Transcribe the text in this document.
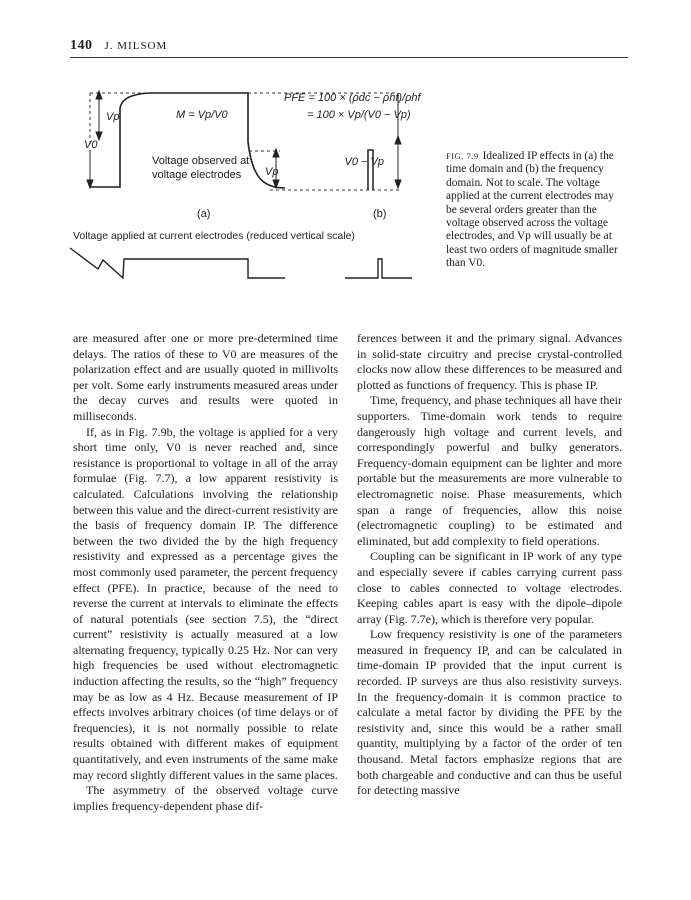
140 J. MILSOM
PFE = 100 × (ρdc − ρhf)/ρhf
= 100 × Vp/(V0 − Vp)
M = Vp/V0
Vp
V0
Vp
V0 − Vp
Voltage observed at
voltage electrodes
(a)	(b)
Voltage applied at current electrodes (reduced vertical scale)
FIG. 7.9 Idealized IP effects in (a) the time domain and (b) the frequency domain. Not to scale. The voltage applied at the current electrodes may be several orders greater than the voltage observed across the voltage electrodes, and Vp will usually be at least two orders of magnitude smaller than V0.

are measured after one or more pre-determined time delays. The ratios of these to V0 are measures of the polarization effect and are usually quoted in millivolts per volt. Some early instruments measured areas under the decay curves and results were quoted in milliseconds.

If, as in Fig. 7.9b, the voltage is applied for a very short time only, V0 is never reached and, since resistance is proportional to voltage in all of the array formulae (Fig. 7.7), a low apparent resistivity is calculated. Calculations involving the relationship between this value and the direct-current resistivity are the basis of frequency domain IP. The difference between the two divided the by the high frequency resistivity and expressed as a percentage gives the most commonly used parameter, the percent frequency effect (PFE). In practice, because of the need to reverse the current at intervals to eliminate the effects of natural potentials (see section 7.5), the “direct current” resistivity is actually measured at a low alternating frequency, typically 0.25 Hz. Nor can very high frequencies be used without electromagnetic induction affecting the results, so the “high” frequency may be as low as 4 Hz. Because measurement of IP effects involves arbitrary choices (of time delays or of frequencies), it is not normally possible to relate results obtained with different makes of equipment quantitatively, and even instruments of the same make may record slightly different values in the same places.

The asymmetry of the observed voltage curve implies frequency-dependent phase dif-

ferences between it and the primary signal. Advances in solid-state circuitry and precise crystal-controlled clocks now allow these differences to be measured and plotted as functions of frequency. This is phase IP.

Time, frequency, and phase techniques all have their supporters. Time-domain work tends to require dangerously high voltage and current levels, and correspondingly powerful and bulky generators. Frequency-domain equipment can be lighter and more portable but the measurements are more vulnerable to electromagnetic noise. Phase measurements, which span a range of frequencies, allow this noise (electromagnetic coupling) to be estimated and eliminated, but add complexity to field operations.

Coupling can be significant in IP work of any type and especially severe if cables carrying current pass close to cables connected to voltage electrodes. Keeping cables apart is easy with the dipole–dipole array (Fig. 7.7e), which is therefore very popular.

Low frequency resistivity is one of the parameters measured in frequency IP, and can be calculated in time-domain IP provided that the input current is recorded. IP surveys are thus also resistivity surveys. In the frequency-domain it is common practice to calculate a metal factor by dividing the PFE by the resistivity and, since this would be a rather small quantity, multiplying by a factor of the order of ten thousand. Metal factors emphasize regions that are both chargeable and conductive and can thus be useful for detecting massive
